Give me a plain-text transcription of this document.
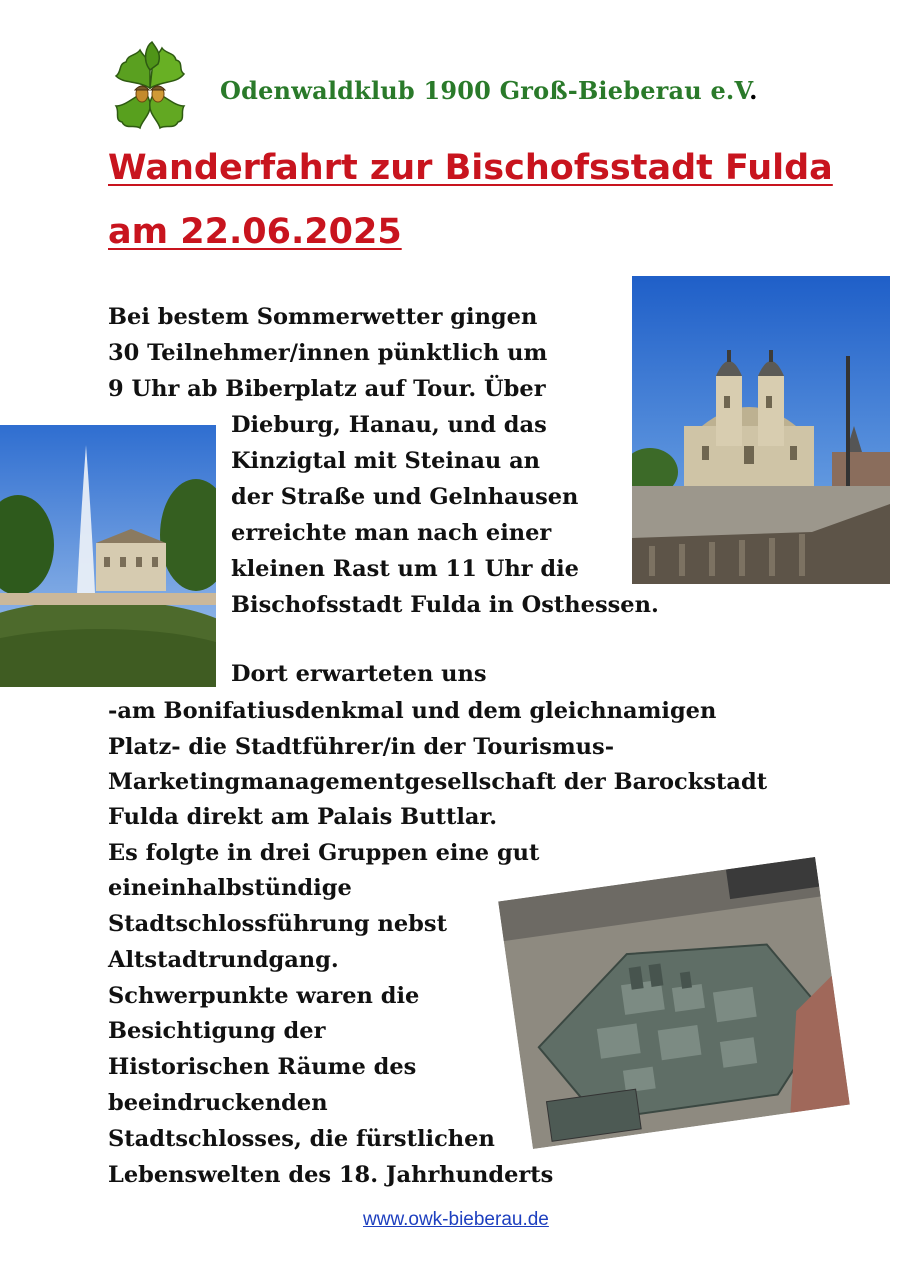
Odenwaldklub 1900 Groß-Bieberau e.V.
Wanderfahrt zur Bischofsstadt Fulda
am 22.06.2025
Bei bestem Sommerwetter gingen
30 Teilnehmer/innen pünktlich um
9 Uhr ab Biberplatz auf Tour. Über
Dieburg, Hanau, und das
Kinzigtal mit Steinau an
der Straße und Gelnhausen
erreichte man nach einer
kleinen Rast um 11 Uhr die
Bischofsstadt Fulda in Osthessen.
Dort erwarteten uns
-am Bonifatiusdenkmal und dem gleichnamigen
Platz- die Stadtführer/in der Tourismus-
Marketingmanagementgesellschaft der Barockstadt
Fulda direkt am Palais Buttlar.
Es folgte in drei Gruppen eine gut
eineinhalbstündige
Stadtschlossführung nebst
Altstadtrundgang.
Schwerpunkte waren die
Besichtigung der
Historischen Räume des
beeindruckenden
Stadtschlosses, die fürstlichen
Lebenswelten des 18. Jahrhunderts
www.owk-bieberau.de
